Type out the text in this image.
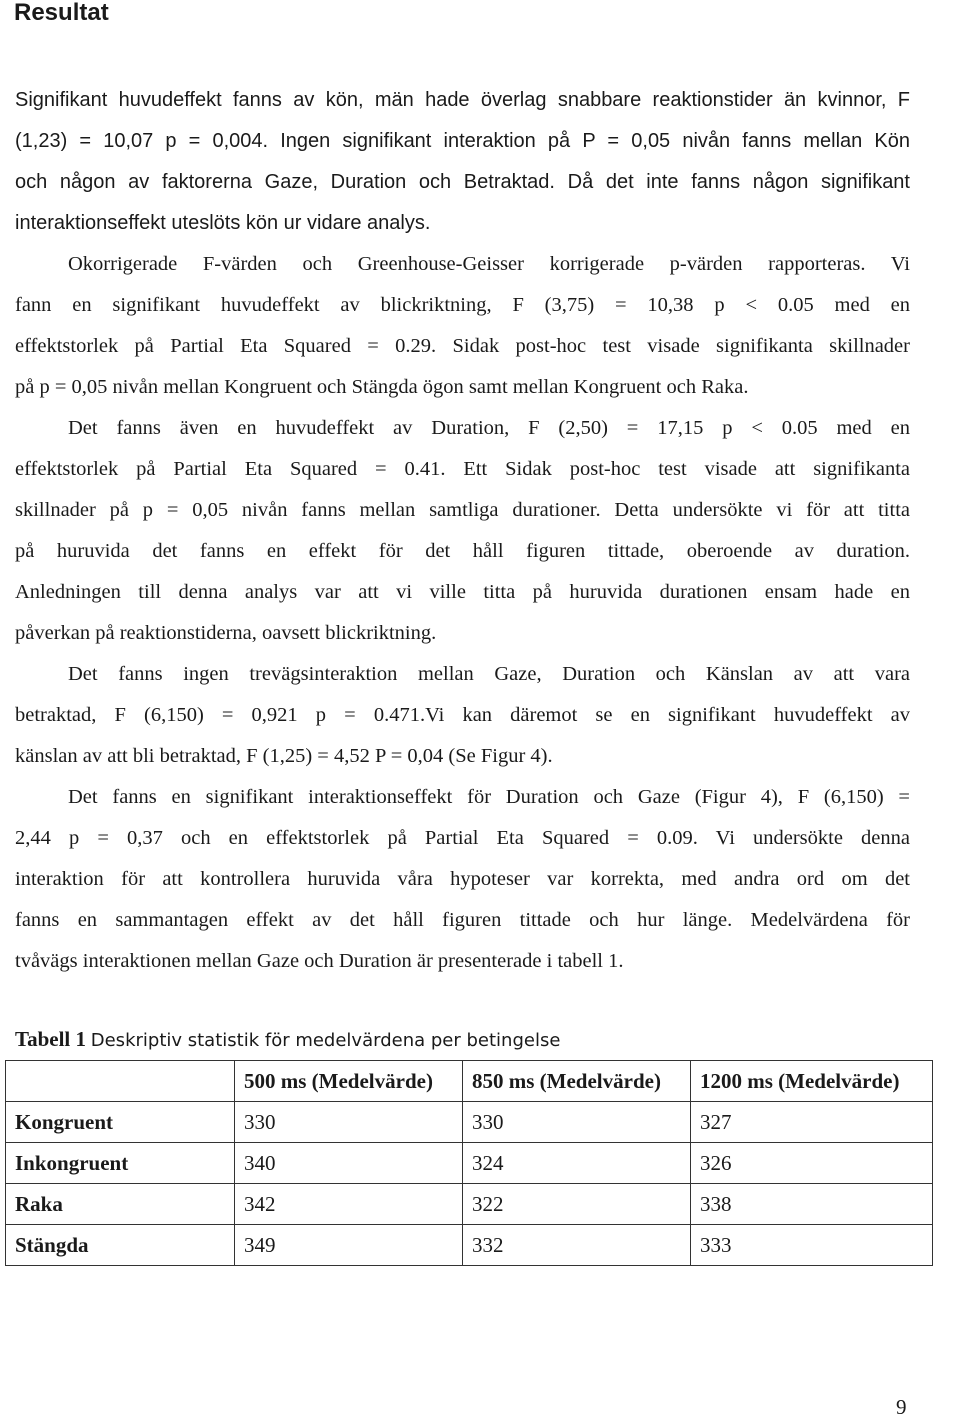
Resultat
Signifikant huvudeffekt fanns av kön, män hade överlag snabbare reaktionstider än kvinnor, F
(1,23) = 10,07 p = 0,004. Ingen signifikant interaktion på P = 0,05 nivån fanns mellan Kön
och någon av faktorerna Gaze, Duration och Betraktad. Då det inte fanns någon signifikant
interaktionseffekt uteslöts kön ur vidare analys.
Okorrigerade F-värden och Greenhouse-Geisser korrigerade p-värden rapporteras. Vi
fann en signifikant huvudeffekt av blickriktning, F (3,75) = 10,38 p < 0.05 med en
effektstorlek på Partial Eta Squared = 0.29. Sidak post-hoc test visade signifikanta skillnader
på p = 0,05 nivån mellan Kongruent och Stängda ögon samt mellan Kongruent och Raka.
Det fanns även en huvudeffekt av Duration, F (2,50) = 17,15 p < 0.05 med en
effektstorlek på Partial Eta Squared = 0.41. Ett Sidak post-hoc test visade att signifikanta
skillnader på p = 0,05 nivån fanns mellan samtliga durationer. Detta undersökte vi för att titta
på huruvida det fanns en effekt för det håll figuren tittade, oberoende av duration.
Anledningen till denna analys var att vi ville titta på huruvida durationen ensam hade en
påverkan på reaktionstiderna, oavsett blickriktning.
Det fanns ingen trevägsinteraktion mellan Gaze, Duration och Känslan av att vara
betraktad, F (6,150) = 0,921 p = 0.471.Vi kan däremot se en signifikant huvudeffekt av
känslan av att bli betraktad, F (1,25) = 4,52 P = 0,04 (Se Figur 4).
Det fanns en signifikant interaktionseffekt för Duration och Gaze (Figur 4), F (6,150) =
2,44 p = 0,37 och en effektstorlek på Partial Eta Squared = 0.09. Vi undersökte denna
interaktion för att kontrollera huruvida våra hypoteser var korrekta, med andra ord om det
fanns en sammantagen effekt av det håll figuren tittade och hur länge. Medelvärdena för
tvåvägs interaktionen mellan Gaze och Duration är presenterade i tabell 1.
Tabell 1 Deskriptiv statistik för medelvärdena per betingelse
	500 ms (Medelvärde)	850 ms (Medelvärde)	1200 ms (Medelvärde)
Kongruent	330	330	327
Inkongruent	340	324	326
Raka	342	322	338
Stängda	349	332	333
9
